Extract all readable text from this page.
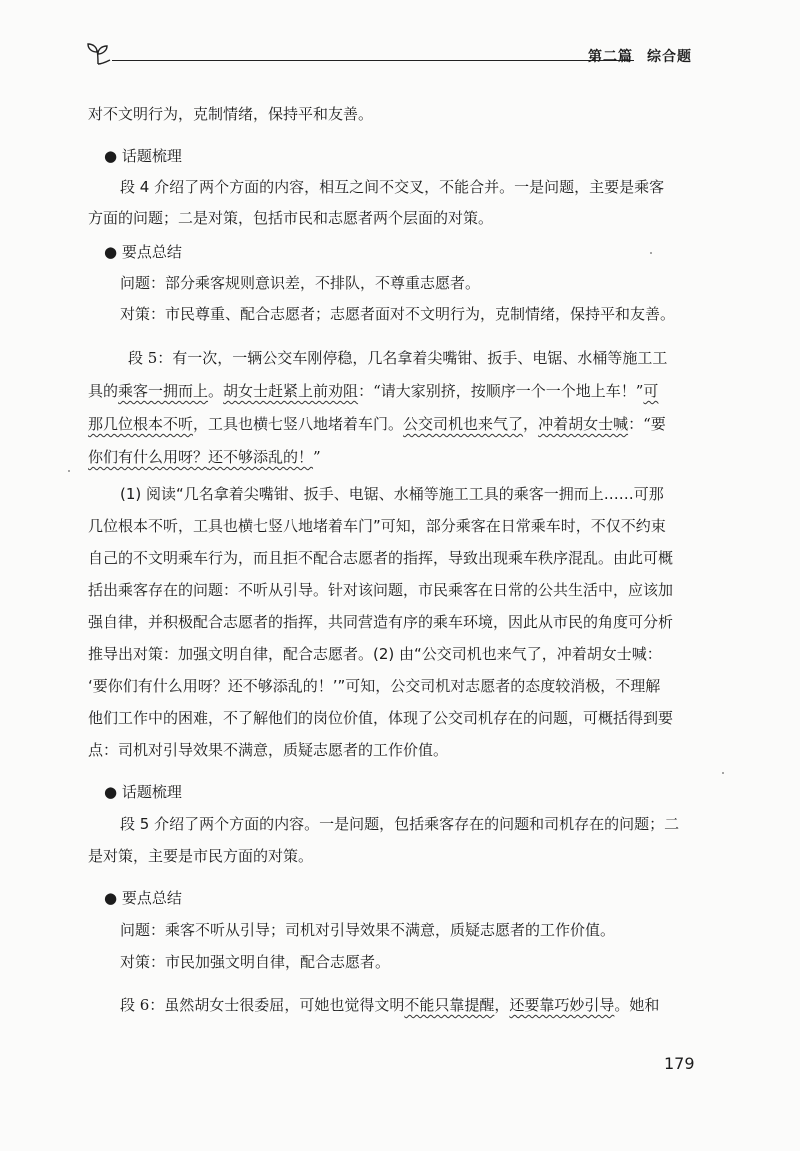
第二篇 综合题
对不文明行为，克制情绪，保持平和友善。
● 话题梳理
段 4 介绍了两个方面的内容，相互之间不交叉，不能合并。一是问题，主要是乘客
方面的问题；二是对策，包括市民和志愿者两个层面的对策。
● 要点总结
问题：部分乘客规则意识差，不排队，不尊重志愿者。
对策：市民尊重、配合志愿者；志愿者面对不文明行为，克制情绪，保持平和友善。
段 5：有一次，一辆公交车刚停稳，几名拿着尖嘴钳、扳手、电锯、水桶等施工工
具的乘客一拥而上。胡女士赶紧上前劝阻：“请大家别挤，按顺序一个一个地上车！”可
那几位根本不听，工具也横七竖八地堵着车门。公交司机也来气了，冲着胡女士喊：“要
你们有什么用呀？还不够添乱的！”
(1) 阅读“几名拿着尖嘴钳、扳手、电锯、水桶等施工工具的乘客一拥而上……可那
几位根本不听，工具也横七竖八地堵着车门”可知，部分乘客在日常乘车时，不仅不约束
自己的不文明乘车行为，而且拒不配合志愿者的指挥，导致出现乘车秩序混乱。由此可概
括出乘客存在的问题：不听从引导。针对该问题，市民乘客在日常的公共生活中，应该加
强自律，并积极配合志愿者的指挥，共同营造有序的乘车环境，因此从市民的角度可分析
推导出对策：加强文明自律，配合志愿者。(2) 由“公交司机也来气了，冲着胡女士喊：
‘要你们有什么用呀？还不够添乱的！’”可知，公交司机对志愿者的态度较消极，不理解
他们工作中的困难，不了解他们的岗位价值，体现了公交司机存在的问题，可概括得到要
点：司机对引导效果不满意，质疑志愿者的工作价值。
● 话题梳理
段 5 介绍了两个方面的内容。一是问题，包括乘客存在的问题和司机存在的问题；二
是对策，主要是市民方面的对策。
● 要点总结
问题：乘客不听从引导；司机对引导效果不满意，质疑志愿者的工作价值。
对策：市民加强文明自律，配合志愿者。
段 6：虽然胡女士很委屈，可她也觉得文明不能只靠提醒，还要靠巧妙引导。她和
179
